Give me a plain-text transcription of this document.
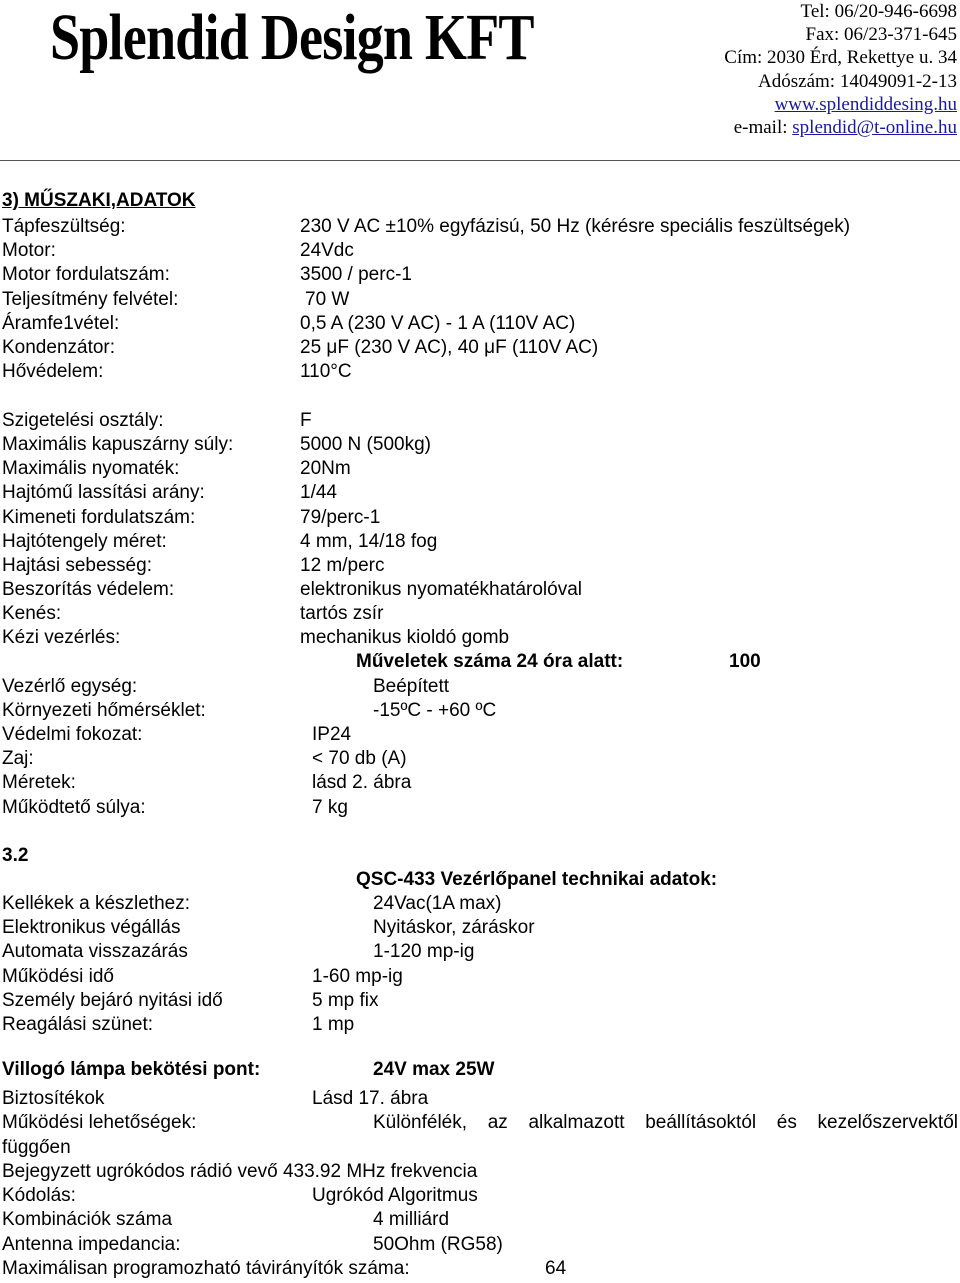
Splendid Design KFT	Tel: 06/20-946-6698
Fax: 06/23-371-645
Cím: 2030 Érd, Rekettye u. 34
Adószám: 14049091-2-13
www.splendiddesing.hu
e-mail: splendid@t-online.hu
3) MŰSZAKI,ADATOK
Tápfeszültség:	230 V AC ±10% egyfázisú, 50 Hz (kérésre speciális feszültségek)
Motor:	24Vdc
Motor fordulatszám:	3500 / perc-1
Teljesítmény felvétel:	70 W
Áramfe1vétel:	0,5 A (230 V AC) - 1 A (110V AC)
Kondenzátor:	25 μF (230 V AC), 40 μF (110V AC)
Hővédelem:	110°C
Szigetelési osztály:	F
Maximális kapuszárny súly:	5000 N (500kg)
Maximális nyomaték:	20Nm
Hajtómű lassítási arány:	1/44
Kimeneti fordulatszám:	79/perc-1
Hajtótengely méret:	4 mm, 14/18 fog
Hajtási sebesség:	12 m/perc
Beszorítás védelem:	elektronikus nyomatékhatárolóval
Kenés:	tartós zsír
Kézi vezérlés:	mechanikus kioldó gomb
Műveletek száma 24 óra alatt:	100
Vezérlő egység:	Beépített
Környezeti hőmérséklet:	-15ºC - +60 ºC
Védelmi fokozat:	IP24
Zaj:	< 70 db (A)
Méretek:	lásd 2. ábra
Működtető súlya:	7 kg
3.2
QSC-433 Vezérlőpanel technikai adatok:
Kellékek a készlethez:	24Vac(1A max)
Elektronikus végállás	Nyitáskor, záráskor
Automata visszazárás	1-120 mp-ig
Működési idő	1-60 mp-ig
Személy bejáró nyitási idő	5 mp fix
Reagálási szünet:	1 mp
Villogó lámpa bekötési pont:	24V max 25W
Biztosítékok	Lásd 17. ábra
Működési lehetőségek:	Különfélék, az alkalmazott beállításoktól és kezelőszervektől
függően
Bejegyzett ugrókódos rádió vevő 433.92 MHz frekvencia
Kódolás:	Ugrókód Algoritmus
Kombinációk száma	4 milliárd
Antenna impedancia:	50Ohm (RG58)
Maximálisan programozható távirányítók száma:	64
